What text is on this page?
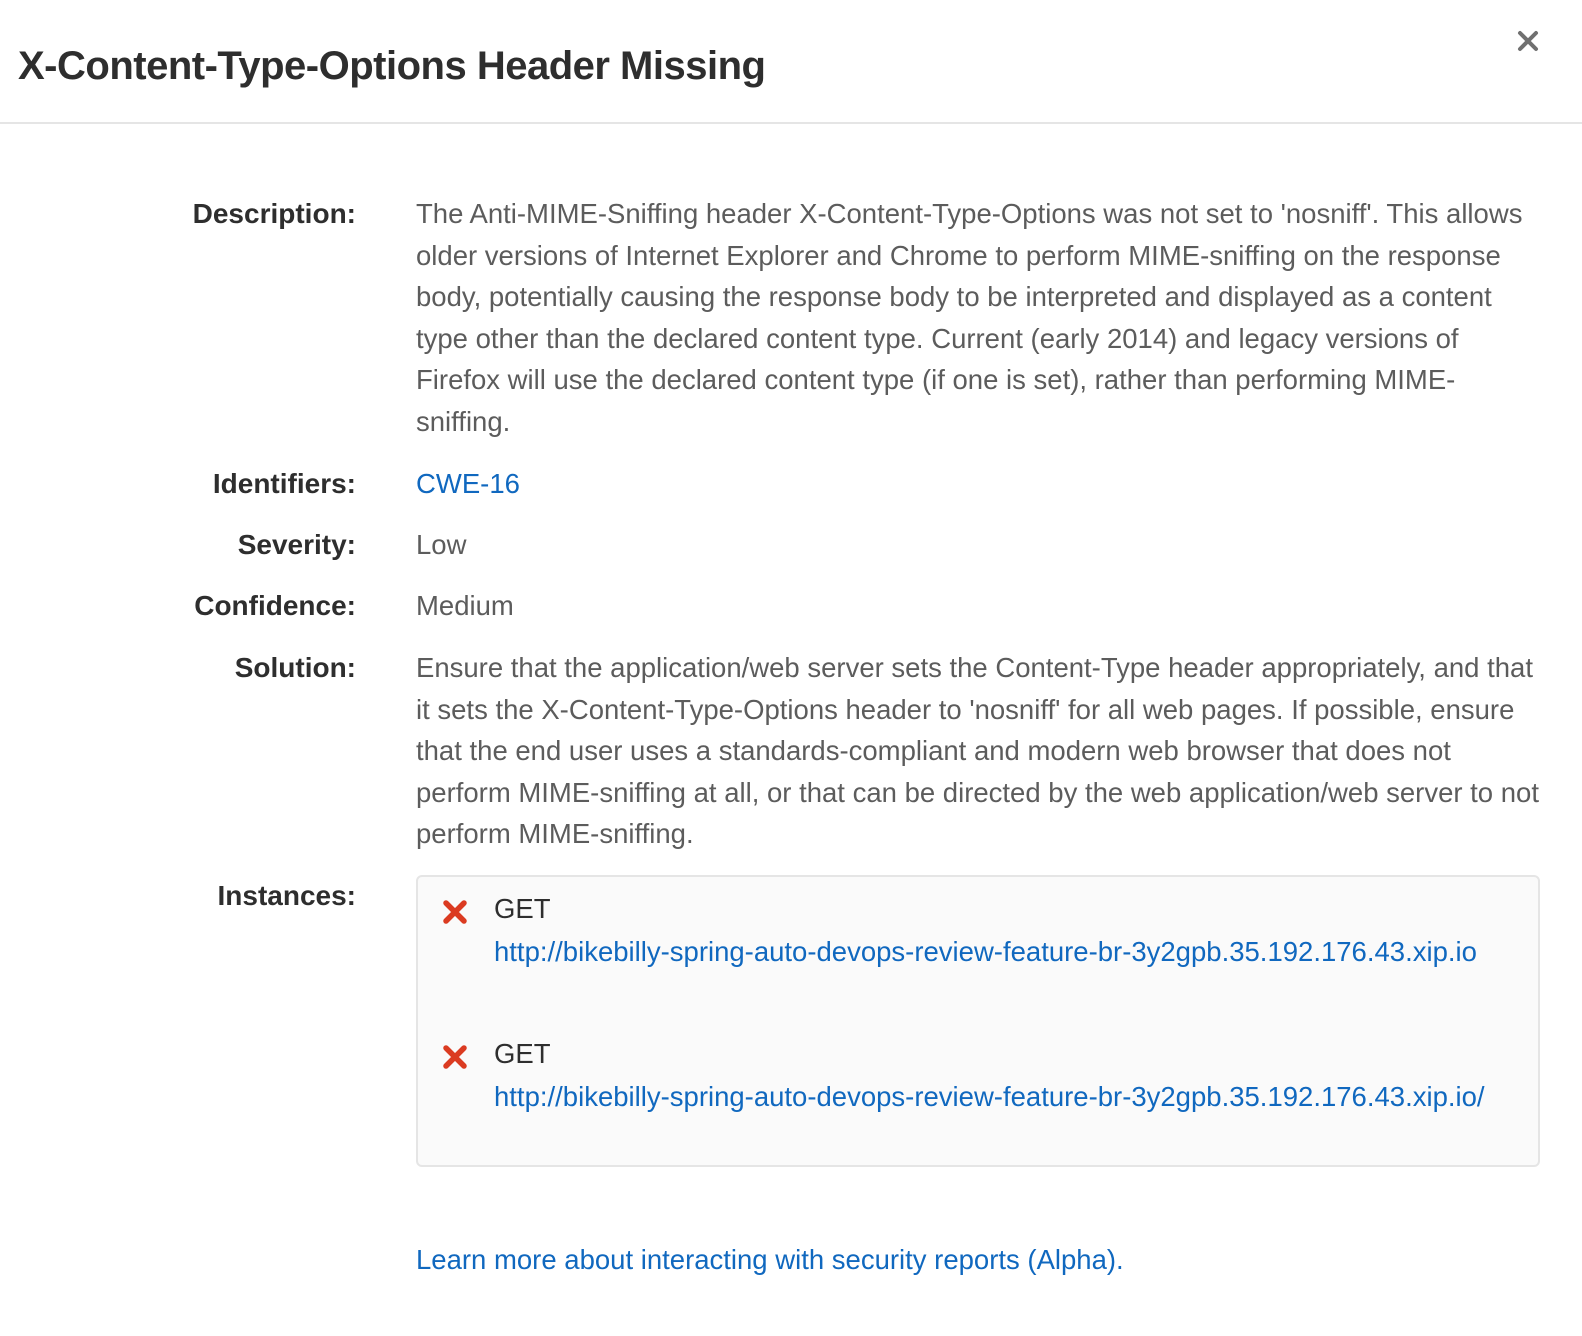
X-Content-Type-Options Header Missing
Description: The Anti-MIME-Sniffing header X-Content-Type-Options was not set to 'nosniff'. This allows older versions of Internet Explorer and Chrome to perform MIME-sniffing on the response body, potentially causing the response body to be interpreted and displayed as a content type other than the declared content type. Current (early 2014) and legacy versions of Firefox will use the declared content type (if one is set), rather than performing MIME-sniffing.
Identifiers: CWE-16
Severity: Low
Confidence: Medium
Solution: Ensure that the application/web server sets the Content-Type header appropriately, and that it sets the X-Content-Type-Options header to 'nosniff' for all web pages. If possible, ensure that the end user uses a standards-compliant and modern web browser that does not perform MIME-sniffing at all, or that can be directed by the web application/web server to not perform MIME-sniffing.
Instances:	GET
http://bikebilly-spring-auto-devops-review-feature-br-3y2gpb.35.192.176.43.xip.io
GET
http://bikebilly-spring-auto-devops-review-feature-br-3y2gpb.35.192.176.43.xip.io/
Learn more about interacting with security reports (Alpha).
